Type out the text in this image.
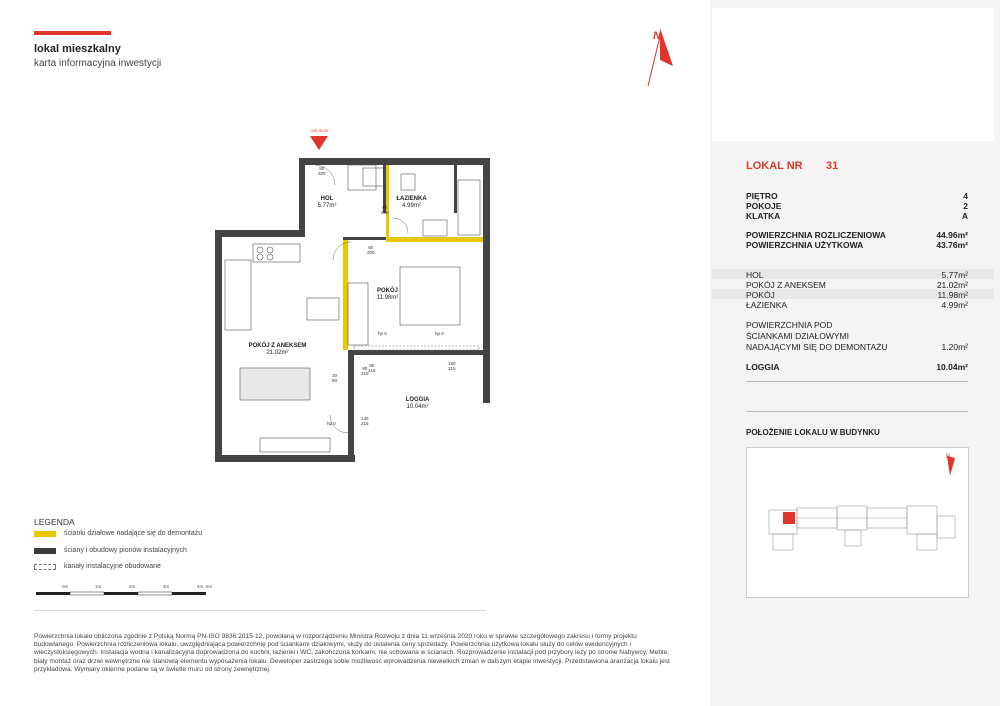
lokal mieszkalny
karta informacyjna inwestycji
N
WEJŚCIE
HOL
5.77m²
ŁAZIENKA
4.99m²
POKÓJ
11.98m²
POKÓJ Z ANEKSEM
21.02m²
LOGGIA
10.04m²
90
200
80
200
80
200
hp 0	hp 0
hp 0
90
215
150
215
80
215
140
215
10
90
LEGENDA
ścianki działowe nadające się do demontażu
ściany i obudowy pionów instalacyjnych
kanały instalacyjne obudowane
0m	1m	2m	3m	4m 5m
Powierzchnia lokalu obliczona zgodnie z Polską Normą PN-ISO 9836:2015-12, powołaną w rozporządzeniu Ministra Rozwoju z dnia 11 września 2020 roku w sprawie szczegółowego zakresu i formy projektu budowlanego. Powierzchnia rozliczeniowa lokalu, uwzględniająca powierzchnię pod ściankami działowymi, służy do ustalenia ceny sprzedaży. Powierzchnia użytkowa lokalu służy do celów ewidencyjnych i wieczystoksięgowych. Instalacja wodna i kanalizacyjna doprowadzona do kuchni, łazienki i WC, zakończona korkami, nie schowana w ścianach. Rozprowadzenie instalacji pod przybory leży po stronie Nabywcy. Meble, biały montaż oraz drzwi wewnętrzne nie stanowią elementu wyposażenia lokalu. Deweloper zastrzega sobie możliwość wprowadzenia niewielkich zmian w dalszym etapie inwestycji. Przedstawiona aranżacja lokalu jest przykładowa. Wymiary okienne podane są w świetle muru od strony zewnętrznej.
LOKAL NR 31
PIĘTRO	4
POKOJE	2
KLATKA	A
POWIERZCHNIA ROZLICZENIOWA	44.96m²
POWIERZCHNIA UŻYTKOWA	43.76m²
HOL	5.77m²
POKÓJ Z ANEKSEM	21.02m²
POKÓJ	11.98m²
ŁAZIENKA	4.99m²
POWIERZCHNIA POD
ŚCIANKAMI DZIAŁOWYMI
NADAJĄCYMI SIĘ DO DEMONTAŻU	1.20m²
LOGGIA	10.04m²
POŁOŻENIE LOKALU W BUDYNKU
N
